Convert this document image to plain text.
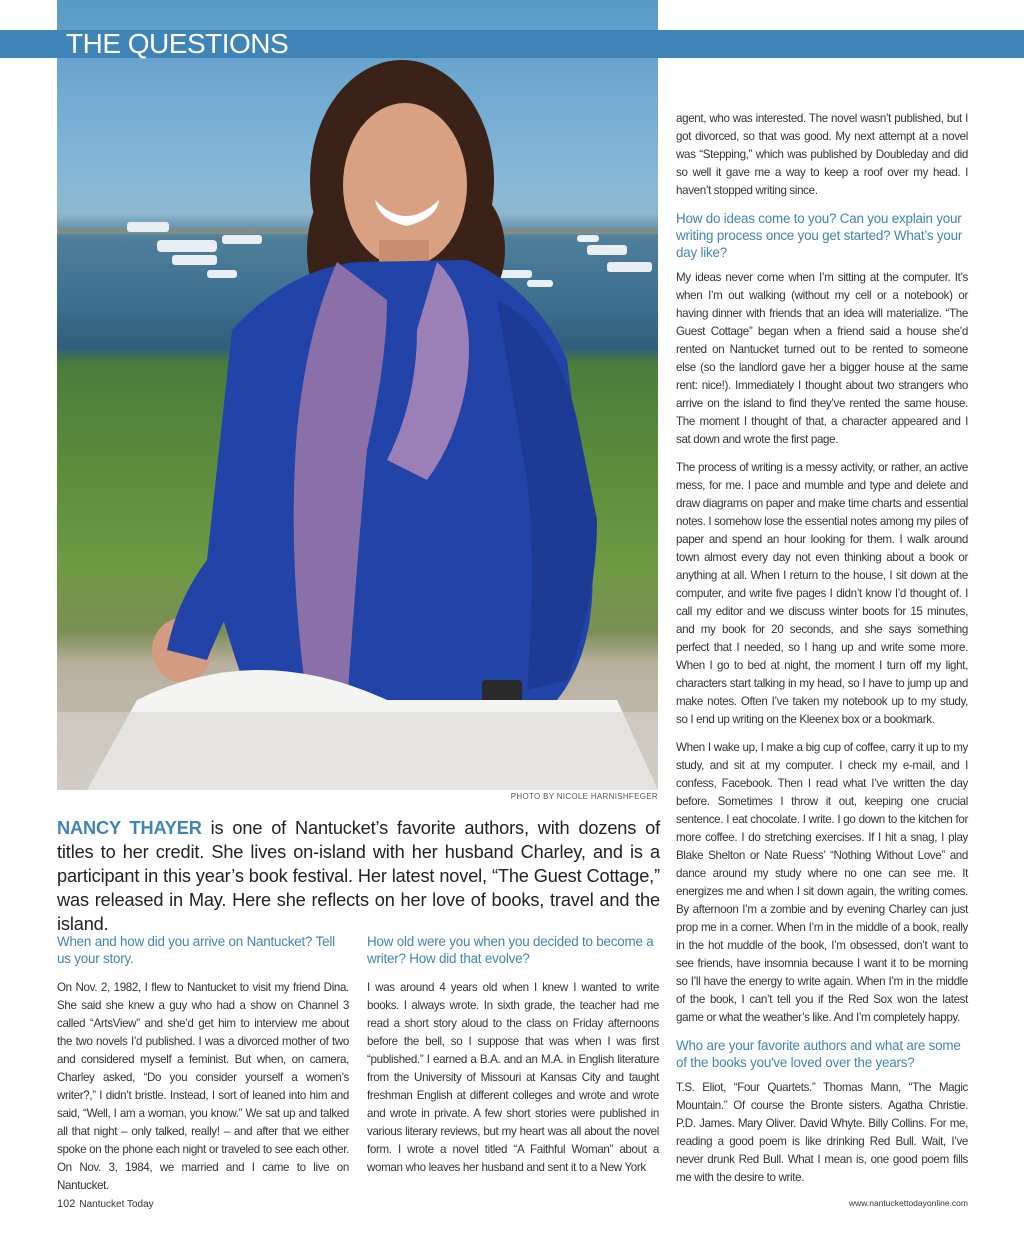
THE QUESTIONS
PHOTO BY NICOLE HARNISHFEGER
NANCY THAYER is one of Nantucket’s favorite authors, with dozens of titles to her credit. She lives on-island with her husband Charley, and is a participant in this year’s book festival. Her latest novel, “The Guest Cottage,” was released in May. Here she reflects on her love of books, travel and the island.

When and how did you arrive on Nantucket? Tell us your story.

On Nov. 2, 1982, I flew to Nantucket to visit my friend Dina. She said she knew a guy who had a show on Channel 3 called “ArtsView” and she’d get him to interview me about the two novels I’d published. I was a divorced mother of two and considered myself a feminist. But when, on camera, Charley asked, “Do you consider yourself a women’s writer?,” I didn’t bristle. Instead, I sort of leaned into him and said, “Well, I am a woman, you know.” We sat up and talked all that night – only talked, really! – and after that we either spoke on the phone each night or traveled to see each other. On Nov. 3, 1984, we married and I came to live on Nantucket.

How old were you when you decided to become a writer? How did that evolve?

I was around 4 years old when I knew I wanted to write books. I always wrote. In sixth grade, the teacher had me read a short story aloud to the class on Friday afternoons before the bell, so I suppose that was when I was first “published.” I earned a B.A. and an M.A. in English literature from the University of Missouri at Kansas City and taught freshman English at different colleges and wrote and wrote and wrote in private. A few short stories were published in various literary reviews, but my heart was all about the novel form. I wrote a novel titled “A Faithful Woman” about a woman who leaves her husband and sent it to a New York

agent, who was interested. The novel wasn’t published, but I got divorced, so that was good. My next attempt at a novel was “Stepping,” which was published by Doubleday and did so well it gave me a way to keep a roof over my head. I haven’t stopped writing since.

How do ideas come to you? Can you explain your writing process once you get started? What’s your day like?

My ideas never come when I’m sitting at the computer. It’s when I’m out walking (without my cell or a notebook) or having dinner with friends that an idea will materialize. “The Guest Cottage” began when a friend said a house she’d rented on Nantucket turned out to be rented to someone else (so the landlord gave her a bigger house at the same rent: nice!). Immediately I thought about two strangers who arrive on the island to find they’ve rented the same house. The moment I thought of that, a character appeared and I sat down and wrote the first page.

The process of writing is a messy activity, or rather, an active mess, for me. I pace and mumble and type and delete and draw diagrams on paper and make time charts and essential notes. I somehow lose the essential notes among my piles of paper and spend an hour looking for them. I walk around town almost every day not even thinking about a book or anything at all. When I return to the house, I sit down at the computer, and write five pages I didn’t know I’d thought of. I call my editor and we discuss winter boots for 15 minutes, and my book for 20 seconds, and she says something perfect that I needed, so I hang up and write some more. When I go to bed at night, the moment I turn off my light, characters start talking in my head, so I have to jump up and make notes. Often I’ve taken my notebook up to my study, so I end up writing on the Kleenex box or a bookmark.

When I wake up, I make a big cup of coffee, carry it up to my study, and sit at my computer. I check my e-mail, and I confess, Facebook. Then I read what I’ve written the day before. Sometimes I throw it out, keeping one crucial sentence. I eat chocolate. I write. I go down to the kitchen for more coffee. I do stretching exercises. If I hit a snag, I play Blake Shelton or Nate Ruess’ “Nothing Without Love” and dance around my study where no one can see me. It energizes me and when I sit down again, the writing comes. By afternoon I’m a zombie and by evening Charley can just prop me in a corner. When I’m in the middle of a book, really in the hot muddle of the book, I’m obsessed, don’t want to see friends, have insomnia because I want it to be morning so I’ll have the energy to write again. When I’m in the middle of the book, I can’t tell you if the Red Sox won the latest game or what the weather’s like. And I’m completely happy.

Who are your favorite authors and what are some of the books you've loved over the years?

T.S. Eliot, “Four Quartets.” Thomas Mann, “The Magic Mountain.” Of course the Bronte sisters. Agatha Christie. P.D. James. Mary Oliver. David Whyte. Billy Collins. For me, reading a good poem is like drinking Red Bull. Wait, I’ve never drunk Red Bull. What I mean is, one good poem fills me with the desire to write.

102 Nantucket Today	www.nantuckettodayonline.com
